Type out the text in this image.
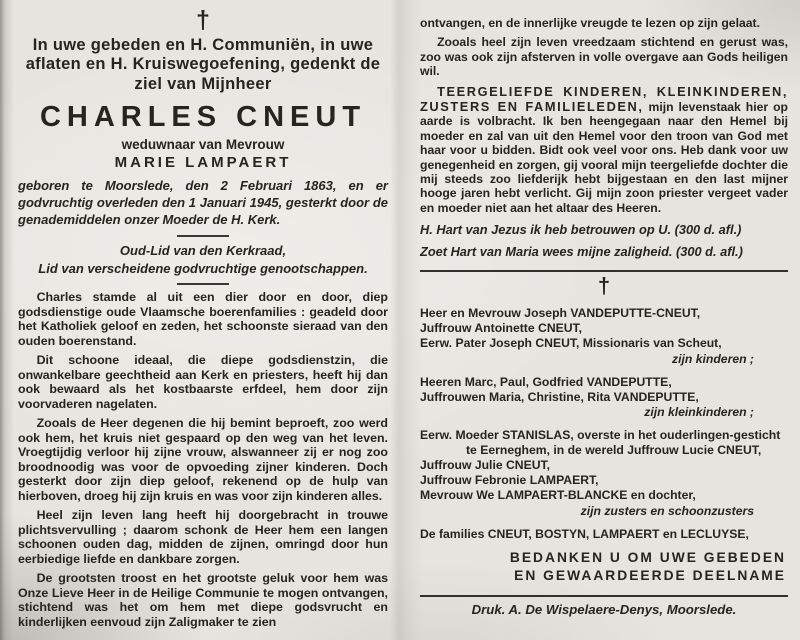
†

In uwe gebeden en H. Communiën, in uwe aflaten en H. Kruiswegoefening, gedenkt de ziel van Mijnheer

CHARLES CNEUT

weduwnaar van Mevrouw

MARIE LAMPAERT

geboren te Moorslede, den 2 Februari 1863, en er godvruchtig overleden den 1 Januari 1945, gesterkt door de genademiddelen onzer Moeder de H. Kerk.

Oud-Lid van den Kerkraad,

Lid van verscheidene godvruchtige genootschappen.

Charles stamde al uit een dier door en door, diep godsdienstige oude Vlaamsche boerenfamilies : geadeld door het Katholiek geloof en zeden, het schoonste sieraad van den ouden boerenstand.

Dit schoone ideaal, die diepe godsdienstzin, die onwankelbare geechtheid aan Kerk en priesters, heeft hij dan ook bewaard als het kostbaarste erfdeel, hem door zijn voorvaderen nagelaten.

Zooals de Heer degenen die hij bemint beproeft, zoo werd ook hem, het kruis niet gespaard op den weg van het leven. Vroegtijdig verloor hij zijne vrouw, alswanneer zij er nog zoo broodnoodig was voor de opvoeding zijner kinderen. Doch gesterkt door zijn diep geloof, rekenend op de hulp van hierboven, droeg hij zijn kruis en was voor zijn kinderen alles.

Heel zijn leven lang heeft hij doorgebracht in trouwe plichtsvervulling ; daarom schonk de Heer hem een langen schoonen ouden dag, midden de zijnen, omringd door hun eerbiedige liefde en dankbare zorgen.

De grootsten troost en het grootste geluk voor hem was Onze Lieve Heer in de Heilige Communie te mogen ontvangen, stichtend was het om hem met diepe godsvrucht en kinderlijken eenvoud zijn Zaligmaker te zien

ontvangen, en de innerlijke vreugde te lezen op zijn gelaat.

Zooals heel zijn leven vreedzaam stichtend en gerust was, zoo was ook zijn afsterven in volle overgave aan Gods heiligen wil.

TEERGELIEFDE KINDEREN, KLEINKINDEREN, ZUSTERS EN FAMILIELEDEN, mijn levenstaak hier op aarde is volbracht. Ik ben heengegaan naar den Hemel bij moeder en zal van uit den Hemel voor den troon van God met haar voor u bidden. Bidt ook veel voor ons. Heb dank voor uw genegenheid en zorgen, gij vooral mijn teergeliefde dochter die mij steeds zoo liefderijk hebt bijgestaan en den last mijner hooge jaren hebt verlicht. Gij mijn zoon priester vergeet vader en moeder niet aan het altaar des Heeren.

H. Hart van Jezus ik heb betrouwen op U. (300 d. afl.)
Zoet Hart van Maria wees mijne zaligheid. (300 d. afl.)
†
Heer en Mevrouw Joseph VANDEPUTTE-CNEUT,
Juffrouw Antoinette CNEUT,
Eerw. Pater Joseph CNEUT, Missionaris van Scheut,
zijn kinderen ;
Heeren Marc, Paul, Godfried VANDEPUTTE,
Juffrouwen Maria, Christine, Rita VANDEPUTTE,
zijn kleinkinderen ;
Eerw. Moeder STANISLAS, overste in het ouderlingen-gesticht te Eerneghem, in de wereld Juffrouw Lucie CNEUT,
Juffrouw Julie CNEUT,
Juffrouw Febronie LAMPAERT,
Mevrouw We LAMPAERT-BLANCKE en dochter,
zijn zusters en schoonzusters
De families CNEUT, BOSTYN, LAMPAERT en LECLUYSE,
BEDANKEN U OM UWE GEBEDEN
EN GEWAARDEERDE DEELNAME

Druk. A. De Wispelaere-Denys, Moorslede.
